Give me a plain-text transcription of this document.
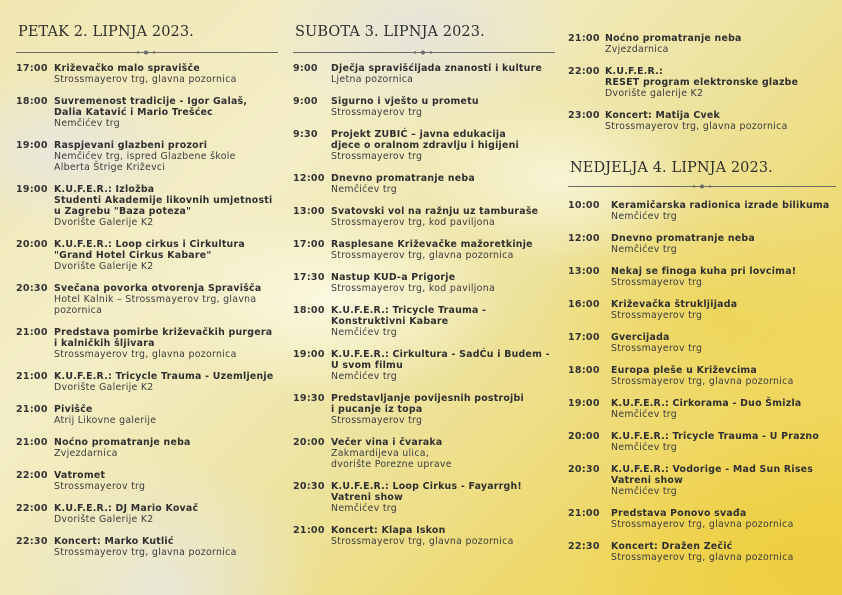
PETAK 2. LIPNJA 2023.
17:00 Križevačko malo spravišče
Strossmayerov trg, glavna pozornica
18:00 Suvremenost tradicije - Igor Galaš,
Dalia Katavić i Mario Trešćec
Nemčićev trg
19:00 Raspjevani glazbeni prozori
Nemčićev trg, ispred Glazbene škole
Alberta Štrige Križevci
19:00 K.U.F.E.R.: Izložba
Studenti Akademije likovnih umjetnosti
u Zagrebu "Baza poteza"
Dvorište Galerije K2
20:00 K.U.F.E.R.: Loop cirkus i Cirkultura
"Grand Hotel Cirkus Kabare"
Dvorište Galerije K2
20:30 Svečana povorka otvorenja Spravišča
Hotel Kalnik – Strossmayerov trg, glavna
pozornica
21:00 Predstava pomirbe križevačkih purgera
i kalničkih šljivara
Strossmayerov trg, glavna pozornica
21:00 K.U.F.E.R.: Tricycle Trauma - Uzemljenje
Dvorište Galerije K2
21:00 Pivišče
Atrij Likovne galerije
21:00 Noćno promatranje neba
Zvjezdarnica
22:00 Vatromet
Strossmayerov trg
22:00 K.U.F.E.R.: DJ Mario Kovač
Dvorište Galerije K2
22:30 Koncert: Marko Kutlić
Strossmayerov trg, glavna pozornica
SUBOTA 3. LIPNJA 2023.
9:00	Dječja spravišćijada znanosti i kulture
Ljetna pozornica
9:00	Sigurno i vješto u prometu
Strossmayerov trg
9:30	Projekt ZUBIĆ – javna edukacija
djece o oralnom zdravlju i higijeni
Strossmayerov trg
12:00 Dnevno promatranje neba
Nemčićev trg
13:00 Svatovski vol na ražnju uz tamburaše
Strossmayerov trg, kod paviljona
17:00 Rasplesane Križevačke mažoretkinje
Strossmayerov trg, glavna pozornica
17:30 Nastup KUD-a Prigorje
Strossmayerov trg, kod paviljona
18:00 K.U.F.E.R.: Tricycle Trauma -
Konstruktivni Kabare
Nemčićev trg
19:00 K.U.F.E.R.: Cirkultura - SadĆu i Budem -
U svom filmu
Nemčićev trg
19:30 Predstavljanje povijesnih postrojbi
i pucanje iz topa
Strossmayerov trg
20:00 Večer vina i čvaraka
Zakmardijeva ulica,
dvorište Porezne uprave
20:30 K.U.F.E.R.: Loop Cirkus - Fayarrgh!
Vatreni show
Nemčićev trg
21:00 Koncert: Klapa Iskon
Strossmayerov trg, glavna pozornica
21:00 Noćno promatranje neba
Zvjezdarnica
22:00 K.U.F.E.R.:
RESET program elektronske glazbe
Dvorište galerije K2
23:00 Koncert: Matija Cvek
Strossmayerov trg, glavna pozornica
NEDJELJA 4. LIPNJA 2023.
10:00	Keramičarska radionica izrade bilikuma
Nemčićev trg
12:00	Dnevno promatranje neba
Nemčićev trg
13:00	Nekaj se finoga kuha pri lovcima!
Strossmayerov trg
16:00	Križevačka štrukljijada
Strossmayerov trg
17:00	Gvercijada
Strossmayerov trg
18:00	Europa pleše u Križevcima
Strossmayerov trg, glavna pozornica
19:00	K.U.F.E.R.: Cirkorama - Duo Šmizla
Nemčićev trg
20:00	K.U.F.E.R.: Tricycle Trauma - U Prazno
Nemčićev trg
20:30	K.U.F.E.R.: Vodorige - Mad Sun Rises
Vatreni show
Nemčićev trg
21:00	Predstava Ponovo svađa
Strossmayerov trg, glavna pozornica
22:30	Koncert: Dražen Zečić
Strossmayerov trg, glavna pozornica
